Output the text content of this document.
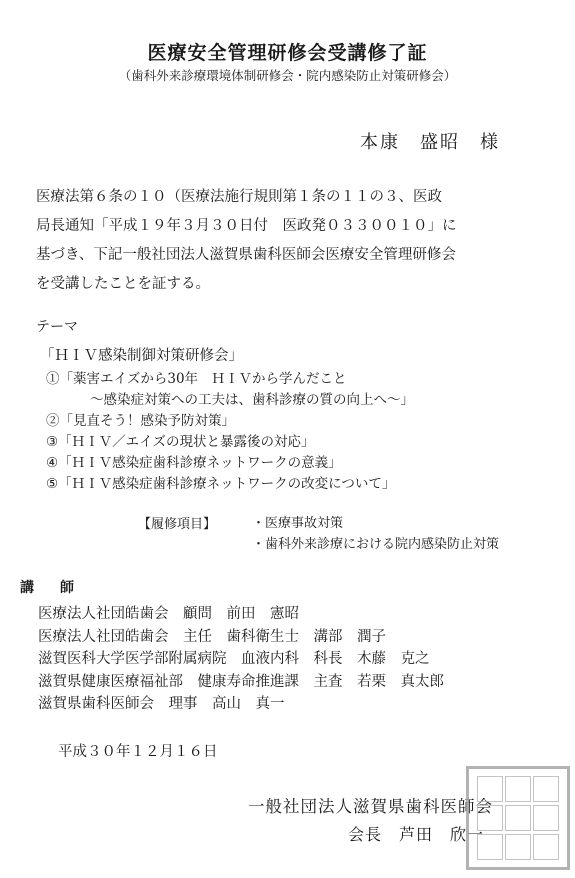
医療安全管理研修会受講修了証
（歯科外来診療環境体制研修会・院内感染防止対策研修会）
本康　盛昭　様
医療法第６条の１０（医療法施行規則第１条の１１の３、医政
局長通知「平成１９年３月３０日付　医政発０３３００１０」に
基づき、下記一般社団法人滋賀県歯科医師会医療安全管理研修会
を受講したことを証する。
テーマ
「ＨＩＶ感染制御対策研修会」
①「薬害エイズから30年　ＨＩＶから学んだこと
～感染症対策への工夫は、歯科診療の質の向上へ～」
②「見直そう！感染予防対策」
③「ＨＩＶ／エイズの現状と暴露後の対応」
④「ＨＩＶ感染症歯科診療ネットワークの意義」
⑤「ＨＩＶ感染症歯科診療ネットワークの改変について」
【履修項目】	・医療事故対策
・歯科外来診療における院内感染防止対策
講　師
医療法人社団皓歯会　顧問　前田　憲昭
医療法人社団皓歯会　主任　歯科衛生士　溝部　潤子
滋賀医科大学医学部附属病院　血液内科　科長　木藤　克之
滋賀県健康医療福祉部　健康寿命推進課　主査　若栗　真太郎
滋賀県歯科医師会　理事　高山　真一
平成３０年１２月１６日
一般社団法人滋賀県歯科医師会
会長　芦田　欣一
